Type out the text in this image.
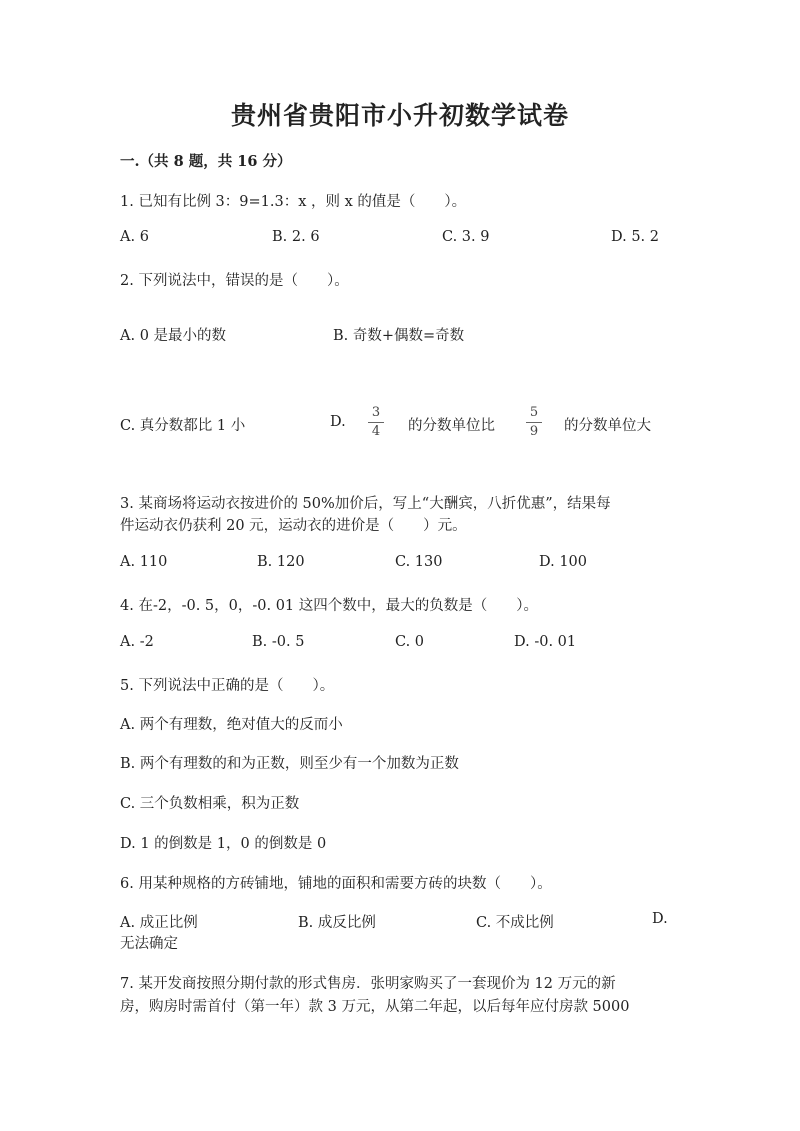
贵州省贵阳市小升初数学试卷
一.（共 8 题，共 16 分）
1. 已知有比例 3：9=1.3：x ，则 x 的值是（　　）。
A. 6	B. 2. 6	C. 3. 9	D. 5. 2
2. 下列说法中，错误的是（　　）。
A. 0 是最小的数	B. 奇数+偶数=奇数
C. 真分数都比 1 小	D.
3
4	的分数单位比
5
9	的分数单位大
3. 某商场将运动衣按进价的 50%加价后，写上“大酬宾，八折优惠”，结果每
件运动衣仍获利 20 元，运动衣的进价是（　　）元。
A. 110	B. 120	C. 130	D. 100
4. 在-2，-0. 5，0，-0. 01 这四个数中，最大的负数是（　　）。
A. -2	B. -0. 5	C. 0	D. -0. 01
5. 下列说法中正确的是（　　）。
A. 两个有理数，绝对值大的反而小
B. 两个有理数的和为正数，则至少有一个加数为正数
C. 三个负数相乘，积为正数
D. 1 的倒数是 1，0 的倒数是 0
6. 用某种规格的方砖铺地，铺地的面积和需要方砖的块数（　　）。
A. 成正比例	B. 成反比例	C. 不成比例	D.
无法确定
7. 某开发商按照分期付款的形式售房．张明家购买了一套现价为 12 万元的新
房，购房时需首付（第一年）款 3 万元，从第二年起，以后每年应付房款 5000
